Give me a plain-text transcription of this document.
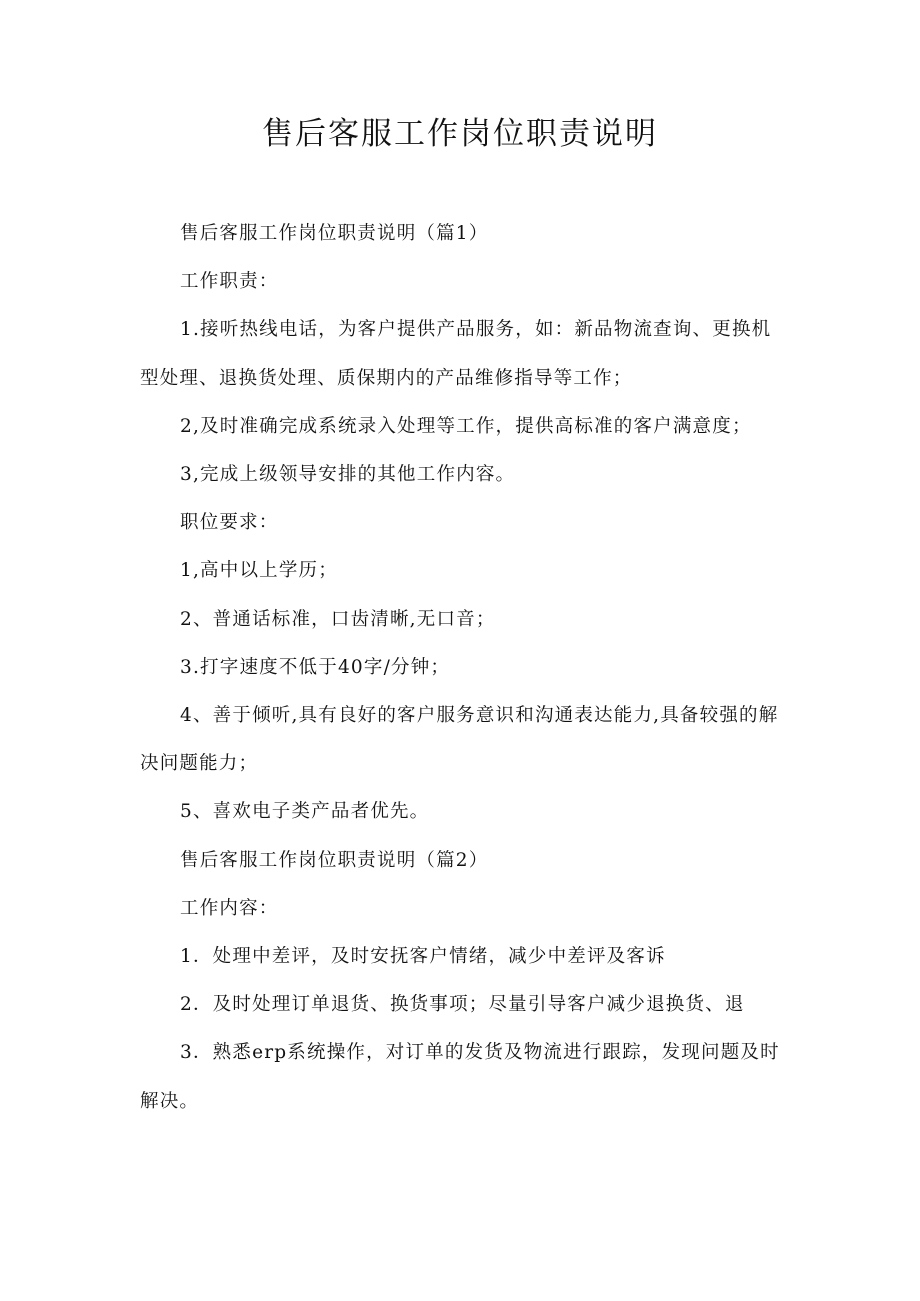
售后客服工作岗位职责说明

售后客服工作岗位职责说明（篇1）

工作职责：

1.接听热线电话，为客户提供产品服务，如：新品物流查询、更换机型处理、退换货处理、质保期内的产品维修指导等工作；

2,及时准确完成系统录入处理等工作，提供高标准的客户满意度；

3,完成上级领导安排的其他工作内容。

职位要求：

1,高中以上学历；

2、普通话标准，口齿清晰,无口音；

3.打字速度不低于40字/分钟；

4、善于倾听,具有良好的客户服务意识和沟通表达能力,具备较强的解决问题能力；

5、喜欢电子类产品者优先。

售后客服工作岗位职责说明（篇2）

工作内容：

1．处理中差评，及时安抚客户情绪，减少中差评及客诉

2．及时处理订单退货、换货事项；尽量引导客户减少退换货、退

3．熟悉erp系统操作，对订单的发货及物流进行跟踪，发现问题及时解决。
